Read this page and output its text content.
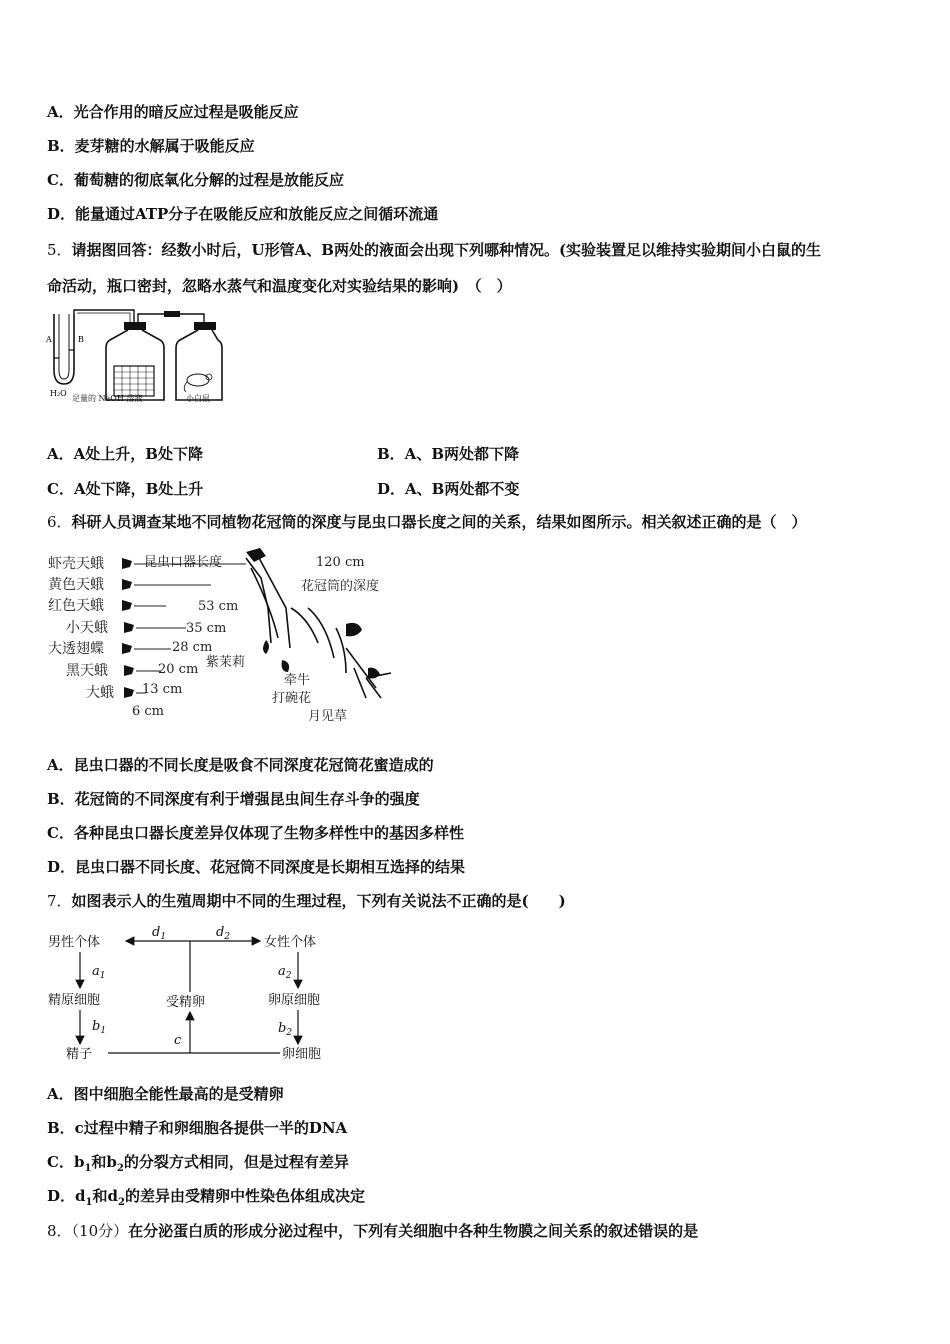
A．光合作用的暗反应过程是吸能反应
B．麦芽糖的水解属于吸能反应
C．葡萄糖的彻底氧化分解的过程是放能反应
D．能量通过ATP分子在吸能反应和放能反应之间循环流通
5．请据图回答：经数小时后，U形管A、B两处的液面会出现下列哪种情况。(实验装置足以维持实验期间小白鼠的生
命活动，瓶口密封，忽略水蒸气和温度变化对实验结果的影响)　（　）
A	B
H₂O
足量的 NaOH 溶液	小白鼠
A．A处上升，B处下降	B．A、B两处都下降
C．A处下降，B处上升	D．A、B两处都不变
6．科研人员调查某地不同植物花冠筒的深度与昆虫口器长度之间的关系，结果如图所示。相关叙述正确的是（　）
虾壳天蛾
黄色天蛾
红色天蛾
小天蛾
大透翅蝶
黑天蛾
大蛾
昆虫口器长度
花冠筒的深度
120 cm
53 cm
35 cm
28 cm
20 cm
13 cm
6 cm
紫茉莉
牵牛
打碗花
月见草
A．昆虫口器的不同长度是吸食不同深度花冠筒花蜜造成的
B．花冠筒的不同深度有利于增强昆虫间生存斗争的强度
C．各种昆虫口器长度差异仅体现了生物多样性中的基因多样性
D．昆虫口器不同长度、花冠筒不同深度是长期相互选择的结果
7．如图表示人的生殖周期中不同的生理过程，下列有关说法不正确的是(　　)
男性个体	女性个体
精原细胞	卵原细胞
受精卵
精子	卵细胞
$a_1$	$a_2$
$b_1$	$b_2$
c
$d_1$	$d_2$
A．图中细胞全能性最高的是受精卵
B．c过程中精子和卵细胞各提供一半的DNA
C．$b_1$和$b_2$的分裂方式相同，但是过程有差异
D．$d_1$和$d_2$的差异由受精卵中性染色体组成决定
8．（10分）在分泌蛋白质的形成分泌过程中，下列有关细胞中各种生物膜之间关系的叙述错误的是
